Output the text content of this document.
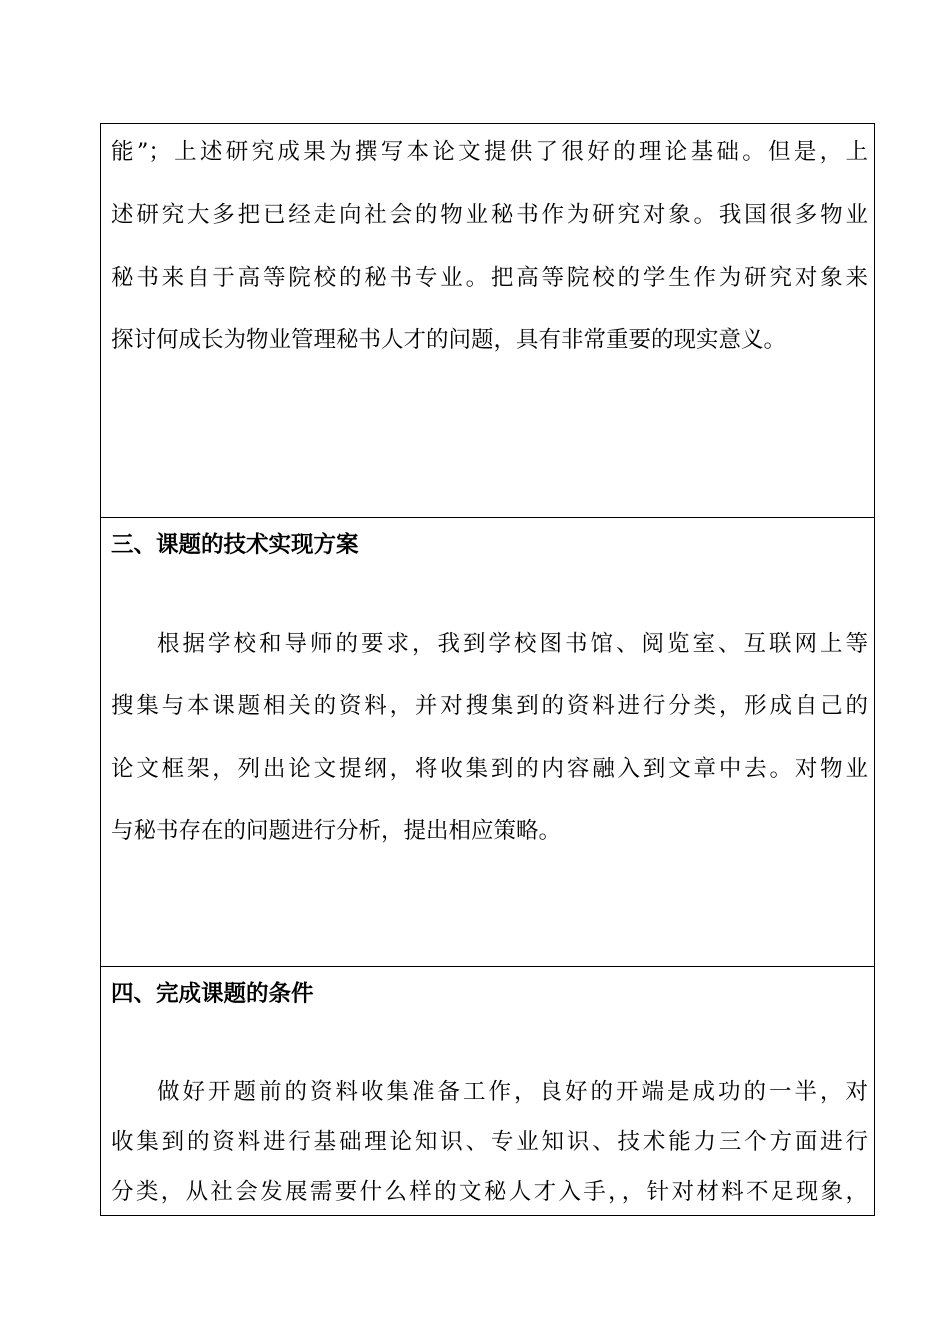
能”；上述研究成果为撰写本论文提供了很好的理论基础。但是，上
述研究大多把已经走向社会的物业秘书作为研究对象。我国很多物业
秘书来自于高等院校的秘书专业。把高等院校的学生作为研究对象来
探讨何成长为物业管理秘书人才的问题，具有非常重要的现实意义。
三、课题的技术实现方案
根据学校和导师的要求，我到学校图书馆、阅览室、互联网上等
搜集与本课题相关的资料，并对搜集到的资料进行分类，形成自己的
论文框架，列出论文提纲，将收集到的内容融入到文章中去。对物业
与秘书存在的问题进行分析，提出相应策略。
四、完成课题的条件
做好开题前的资料收集准备工作，良好的开端是成功的一半，对
收集到的资料进行基础理论知识、专业知识、技术能力三个方面进行
分类，从社会发展需要什么样的文秘人才入手，，针对材料不足现象，
